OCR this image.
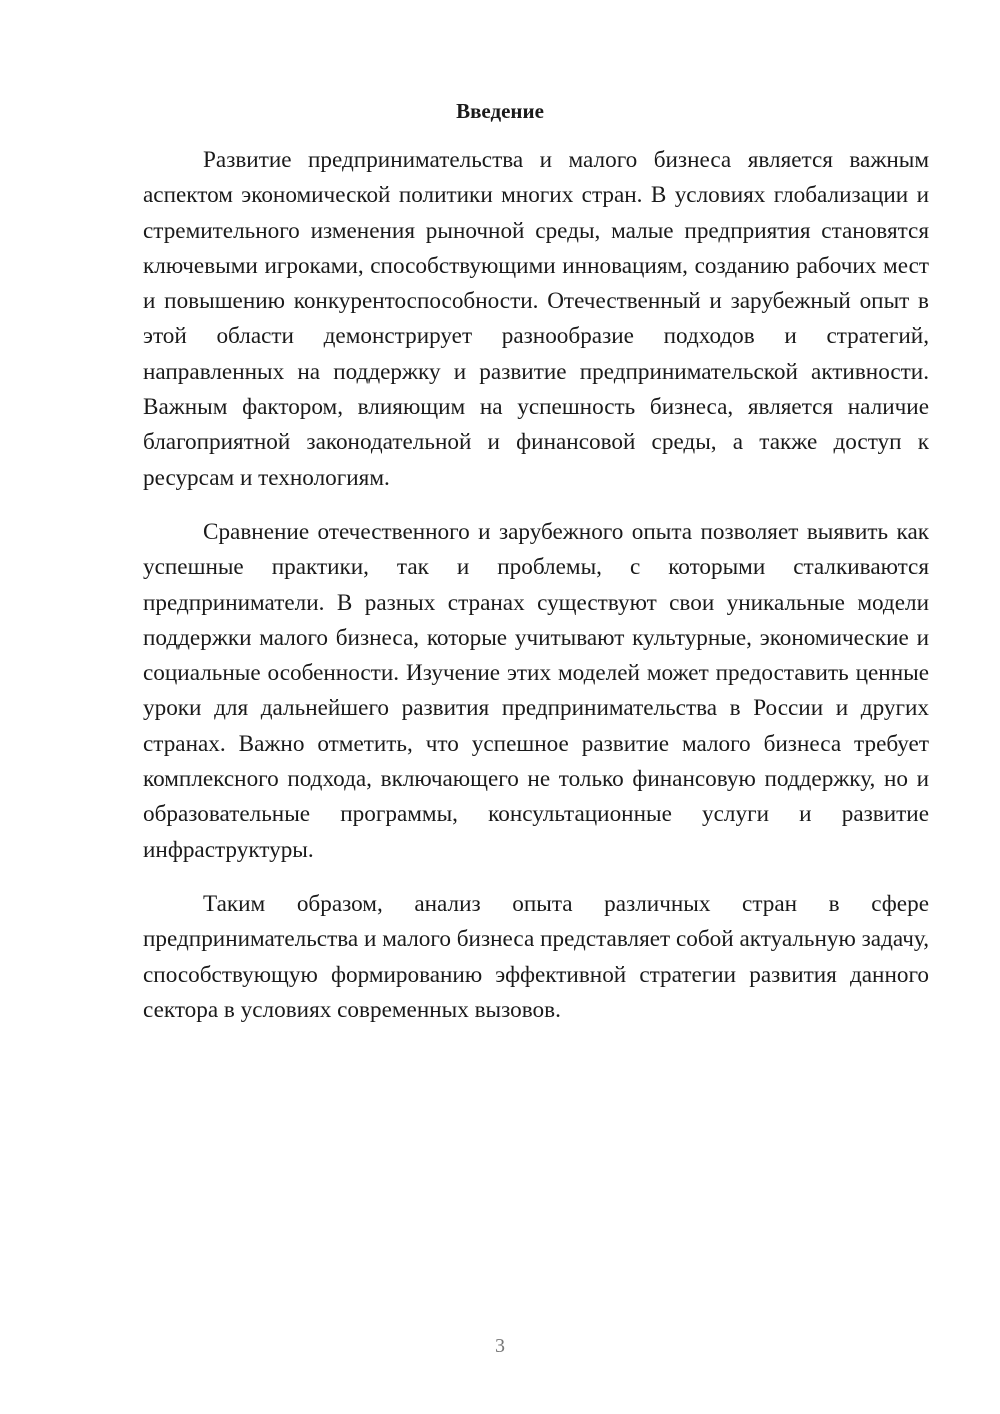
Введение

Развитие предпринимательства и малого бизнеса является важным аспектом экономической политики многих стран. В условиях глобализации и стремительного изменения рыночной среды, малые предприятия становятся ключевыми игроками, способствующими инновациям, созданию рабочих мест и повышению конкурентоспособности. Отечественный и зарубежный опыт в этой области демонстрирует разнообразие подходов и стратегий, направленных на поддержку и развитие предпринимательской активности. Важным фактором, влияющим на успешность бизнеса, является наличие благоприятной законодательной и финансовой среды, а также доступ к ресурсам и технологиям.

Сравнение отечественного и зарубежного опыта позволяет выявить как успешные практики, так и проблемы, с которыми сталкиваются предприниматели. В разных странах существуют свои уникальные модели поддержки малого бизнеса, которые учитывают культурные, экономические и социальные особенности. Изучение этих моделей может предоставить ценные уроки для дальнейшего развития предпринимательства в России и других странах. Важно отметить, что успешное развитие малого бизнеса требует комплексного подхода, включающего не только финансовую поддержку, но и образовательные программы, консультационные услуги и развитие инфраструктуры.

Таким образом, анализ опыта различных стран в сфере предпринимательства и малого бизнеса представляет собой актуальную задачу, способствующую формированию эффективной стратегии развития данного сектора в условиях современных вызовов.

3
